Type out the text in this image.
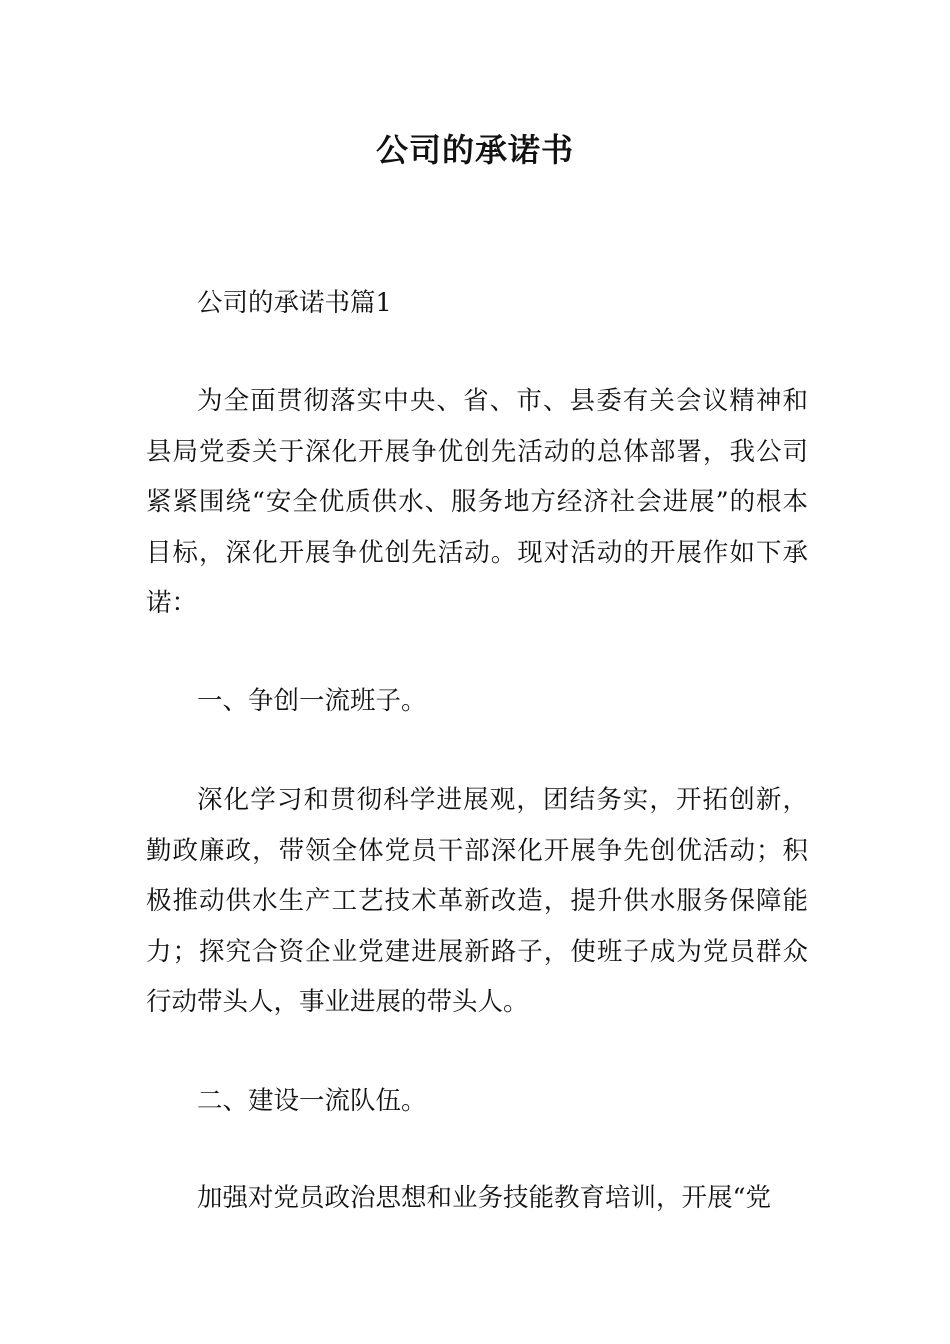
公司的承诺书

公司的承诺书篇1

为全面贯彻落实中央、省、市、县委有关会议精神和县局党委关于深化开展争优创先活动的总体部署，我公司紧紧围绕“安全优质供水、服务地方经济社会进展”的根本目标，深化开展争优创先活动。现对活动的开展作如下承诺：

一、争创一流班子。

深化学习和贯彻科学进展观，团结务实，开拓创新，勤政廉政，带领全体党员干部深化开展争先创优活动；积极推动供水生产工艺技术革新改造，提升供水服务保障能力；探究合资企业党建进展新路子，使班子成为党员群众行动带头人，事业进展的带头人。

二、建设一流队伍。

加强对党员政治思想和业务技能教育培训，开展“党
